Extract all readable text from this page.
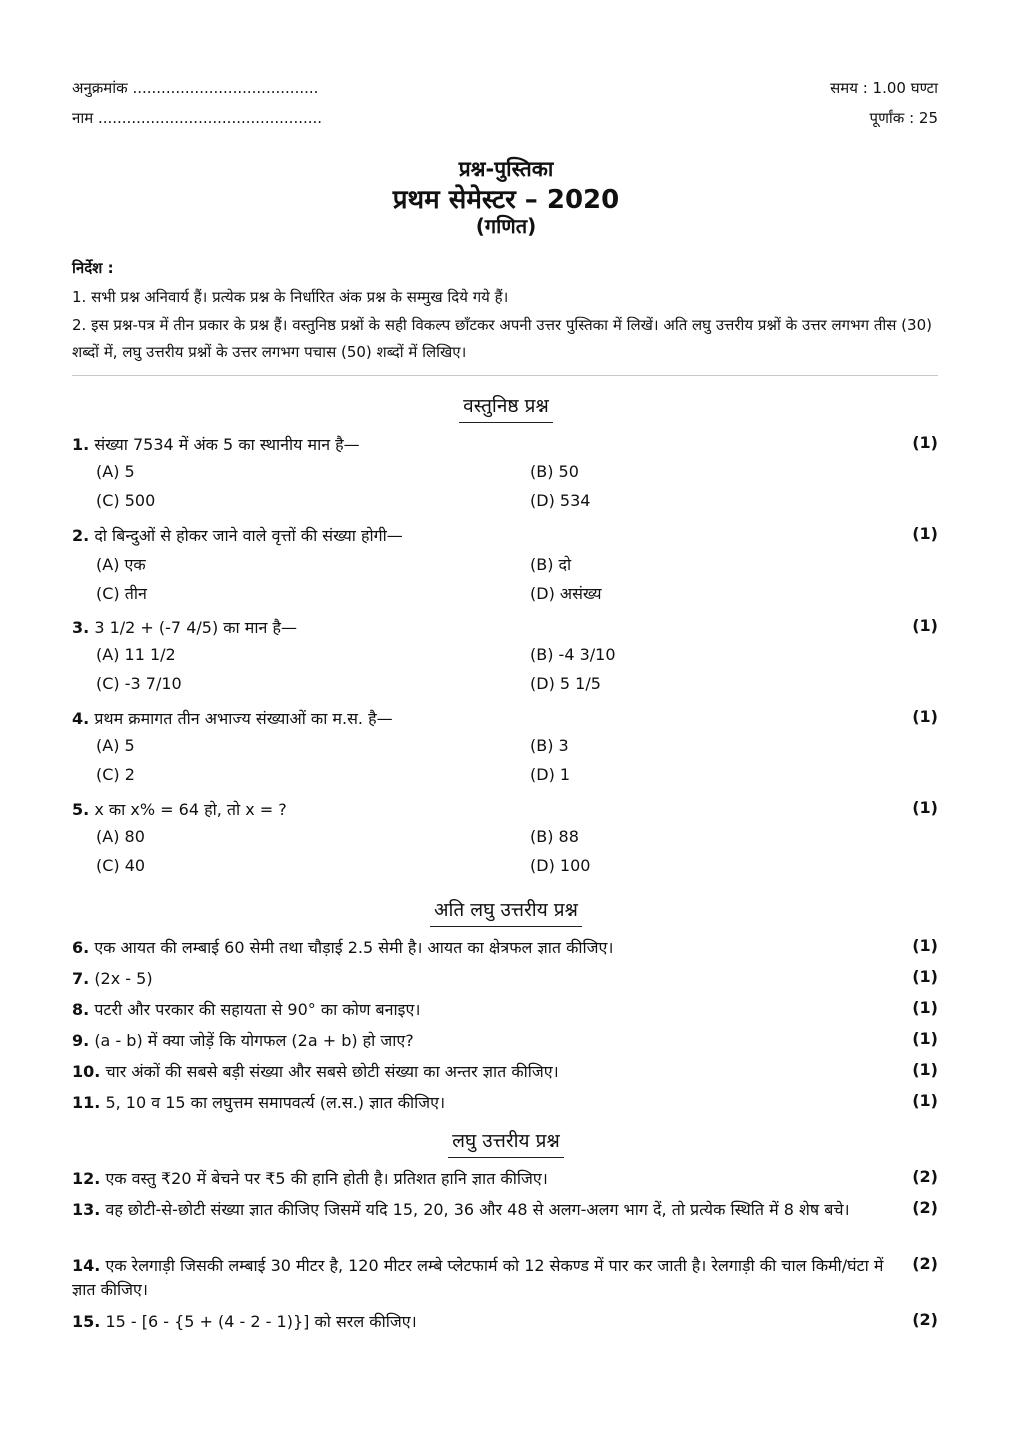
अनुक्रमांक .......................................	समय : 1.00 घण्टा
नाम ...............................................	पूर्णांक : 25
प्रश्न-पुस्तिका
प्रथम सेमेस्टर – 2020
(गणित)
निर्देश :
1. सभी प्रश्न अनिवार्य हैं। प्रत्येक प्रश्न के निर्धारित अंक प्रश्न के सम्मुख दिये गये हैं।
2. इस प्रश्न-पत्र में तीन प्रकार के प्रश्न हैं। वस्तुनिष्ठ प्रश्नों के सही विकल्प छाँटकर अपनी उत्तर पुस्तिका में लिखें। अति लघु उत्तरीय प्रश्नों के उत्तर लगभग तीस (30) शब्दों में, लघु उत्तरीय प्रश्नों के उत्तर लगभग पचास (50) शब्दों में लिखिए।
वस्तुनिष्ठ प्रश्न
अति लघु उत्तरीय प्रश्न
लघु उत्तरीय प्रश्न
1. संख्या 7534 में अंक 5 का स्थानीय मान है—	(1)
(A) 5	(B) 50
(C) 500	(D) 534
2. दो बिन्दुओं से होकर जाने वाले वृत्तों की संख्या होगी—	(1)
(A) एक	(B) दो
(C) तीन	(D) असंख्य
3. 3 1/2 + (-7 4/5) का मान है—	(1)
(A) 11 1/2	(B) -4 3/10
(C) -3 7/10	(D) 5 1/5
4. प्रथम क्रमागत तीन अभाज्य संख्याओं का म.स. है—	(1)
(A) 5	(B) 3
(C) 2	(D) 1
5. x का x% = 64 हो, तो x = ?	(1)
(A) 80	(B) 88
(C) 40	(D) 100
6. एक आयत की लम्बाई 60 सेमी तथा चौड़ाई 2.5 सेमी है। आयत का क्षेत्रफल ज्ञात कीजिए।	(1)
7. (2x - 5)	(1)
8. पटरी और परकार की सहायता से 90° का कोण बनाइए।	(1)
9. (a - b) में क्या जोड़ें कि योगफल (2a + b) हो जाए?	(1)
10. चार अंकों की सबसे बड़ी संख्या और सबसे छोटी संख्या का अन्तर ज्ञात कीजिए।	(1)
11. 5, 10 व 15 का लघुत्तम समापवर्त्य (ल.स.) ज्ञात कीजिए।	(1)
12. एक वस्तु ₹20 में बेचने पर ₹5 की हानि होती है। प्रतिशत हानि ज्ञात कीजिए।	(2)
13. वह छोटी-से-छोटी संख्या ज्ञात कीजिए जिसमें यदि 15, 20, 36 और 48 से अलग-अलग भाग दें, तो प्रत्येक स्थिति में 8 शेष बचे।	(2)
14. एक रेलगाड़ी जिसकी लम्बाई 30 मीटर है, 120 मीटर लम्बे प्लेटफार्म को 12 सेकण्ड में पार कर जाती है। रेलगाड़ी की चाल किमी/घंटा में ज्ञात कीजिए।
(2)
15. 15 - [6 - {5 + (4 - 2 - 1)}] को सरल कीजिए।	(2)
